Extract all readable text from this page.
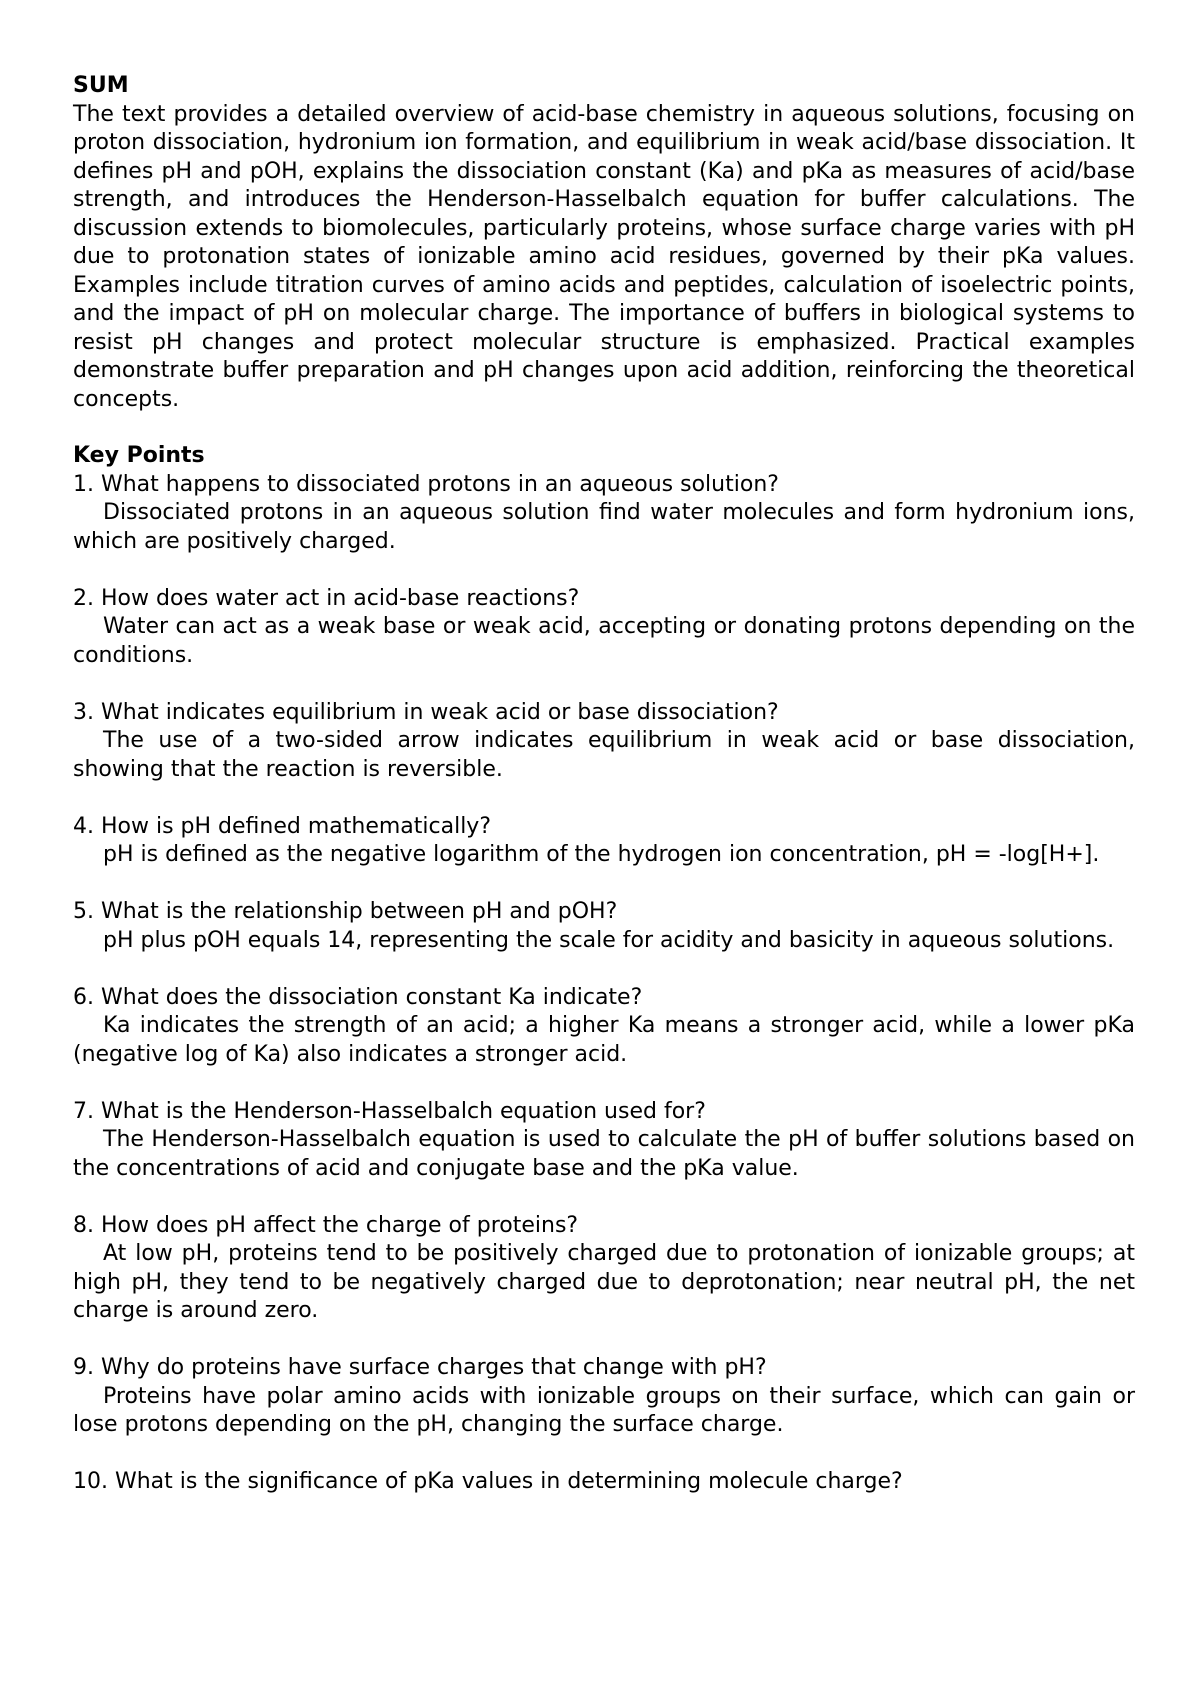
SUM

The text provides a detailed overview of acid-base chemistry in aqueous solutions, focusing on proton dissociation, hydronium ion formation, and equilibrium in weak acid/base dissociation. It defines pH and pOH, explains the dissociation constant (Ka) and pKa as measures of acid/base strength, and introduces the Henderson-Hasselbalch equation for buffer calculations. The discussion extends to biomolecules, particularly proteins, whose surface charge varies with pH due to protonation states of ionizable amino acid residues, governed by their pKa values. Examples include titration curves of amino acids and peptides, calculation of isoelectric points, and the impact of pH on molecular charge. The importance of buffers in biological systems to resist pH changes and protect molecular structure is emphasized. Practical examples demonstrate buffer preparation and pH changes upon acid addition, reinforcing the theoretical concepts.

Key Points

1. What happens to dissociated protons in an aqueous solution?

Dissociated protons in an aqueous solution find water molecules and form hydronium ions, which are positively charged.

2. How does water act in acid-base reactions?

Water can act as a weak base or weak acid, accepting or donating protons depending on the conditions.

3. What indicates equilibrium in weak acid or base dissociation?

The use of a two-sided arrow indicates equilibrium in weak acid or base dissociation, showing that the reaction is reversible.

4. How is pH defined mathematically?

pH is defined as the negative logarithm of the hydrogen ion concentration, pH = -log[H+].

5. What is the relationship between pH and pOH?

pH plus pOH equals 14, representing the scale for acidity and basicity in aqueous solutions.

6. What does the dissociation constant Ka indicate?

Ka indicates the strength of an acid; a higher Ka means a stronger acid, while a lower pKa (negative log of Ka) also indicates a stronger acid.

7. What is the Henderson-Hasselbalch equation used for?

The Henderson-Hasselbalch equation is used to calculate the pH of buffer solutions based on the concentrations of acid and conjugate base and the pKa value.

8. How does pH affect the charge of proteins?

At low pH, proteins tend to be positively charged due to protonation of ionizable groups; at high pH, they tend to be negatively charged due to deprotonation; near neutral pH, the net charge is around zero.

9. Why do proteins have surface charges that change with pH?

Proteins have polar amino acids with ionizable groups on their surface, which can gain or lose protons depending on the pH, changing the surface charge.

10. What is the significance of pKa values in determining molecule charge?
